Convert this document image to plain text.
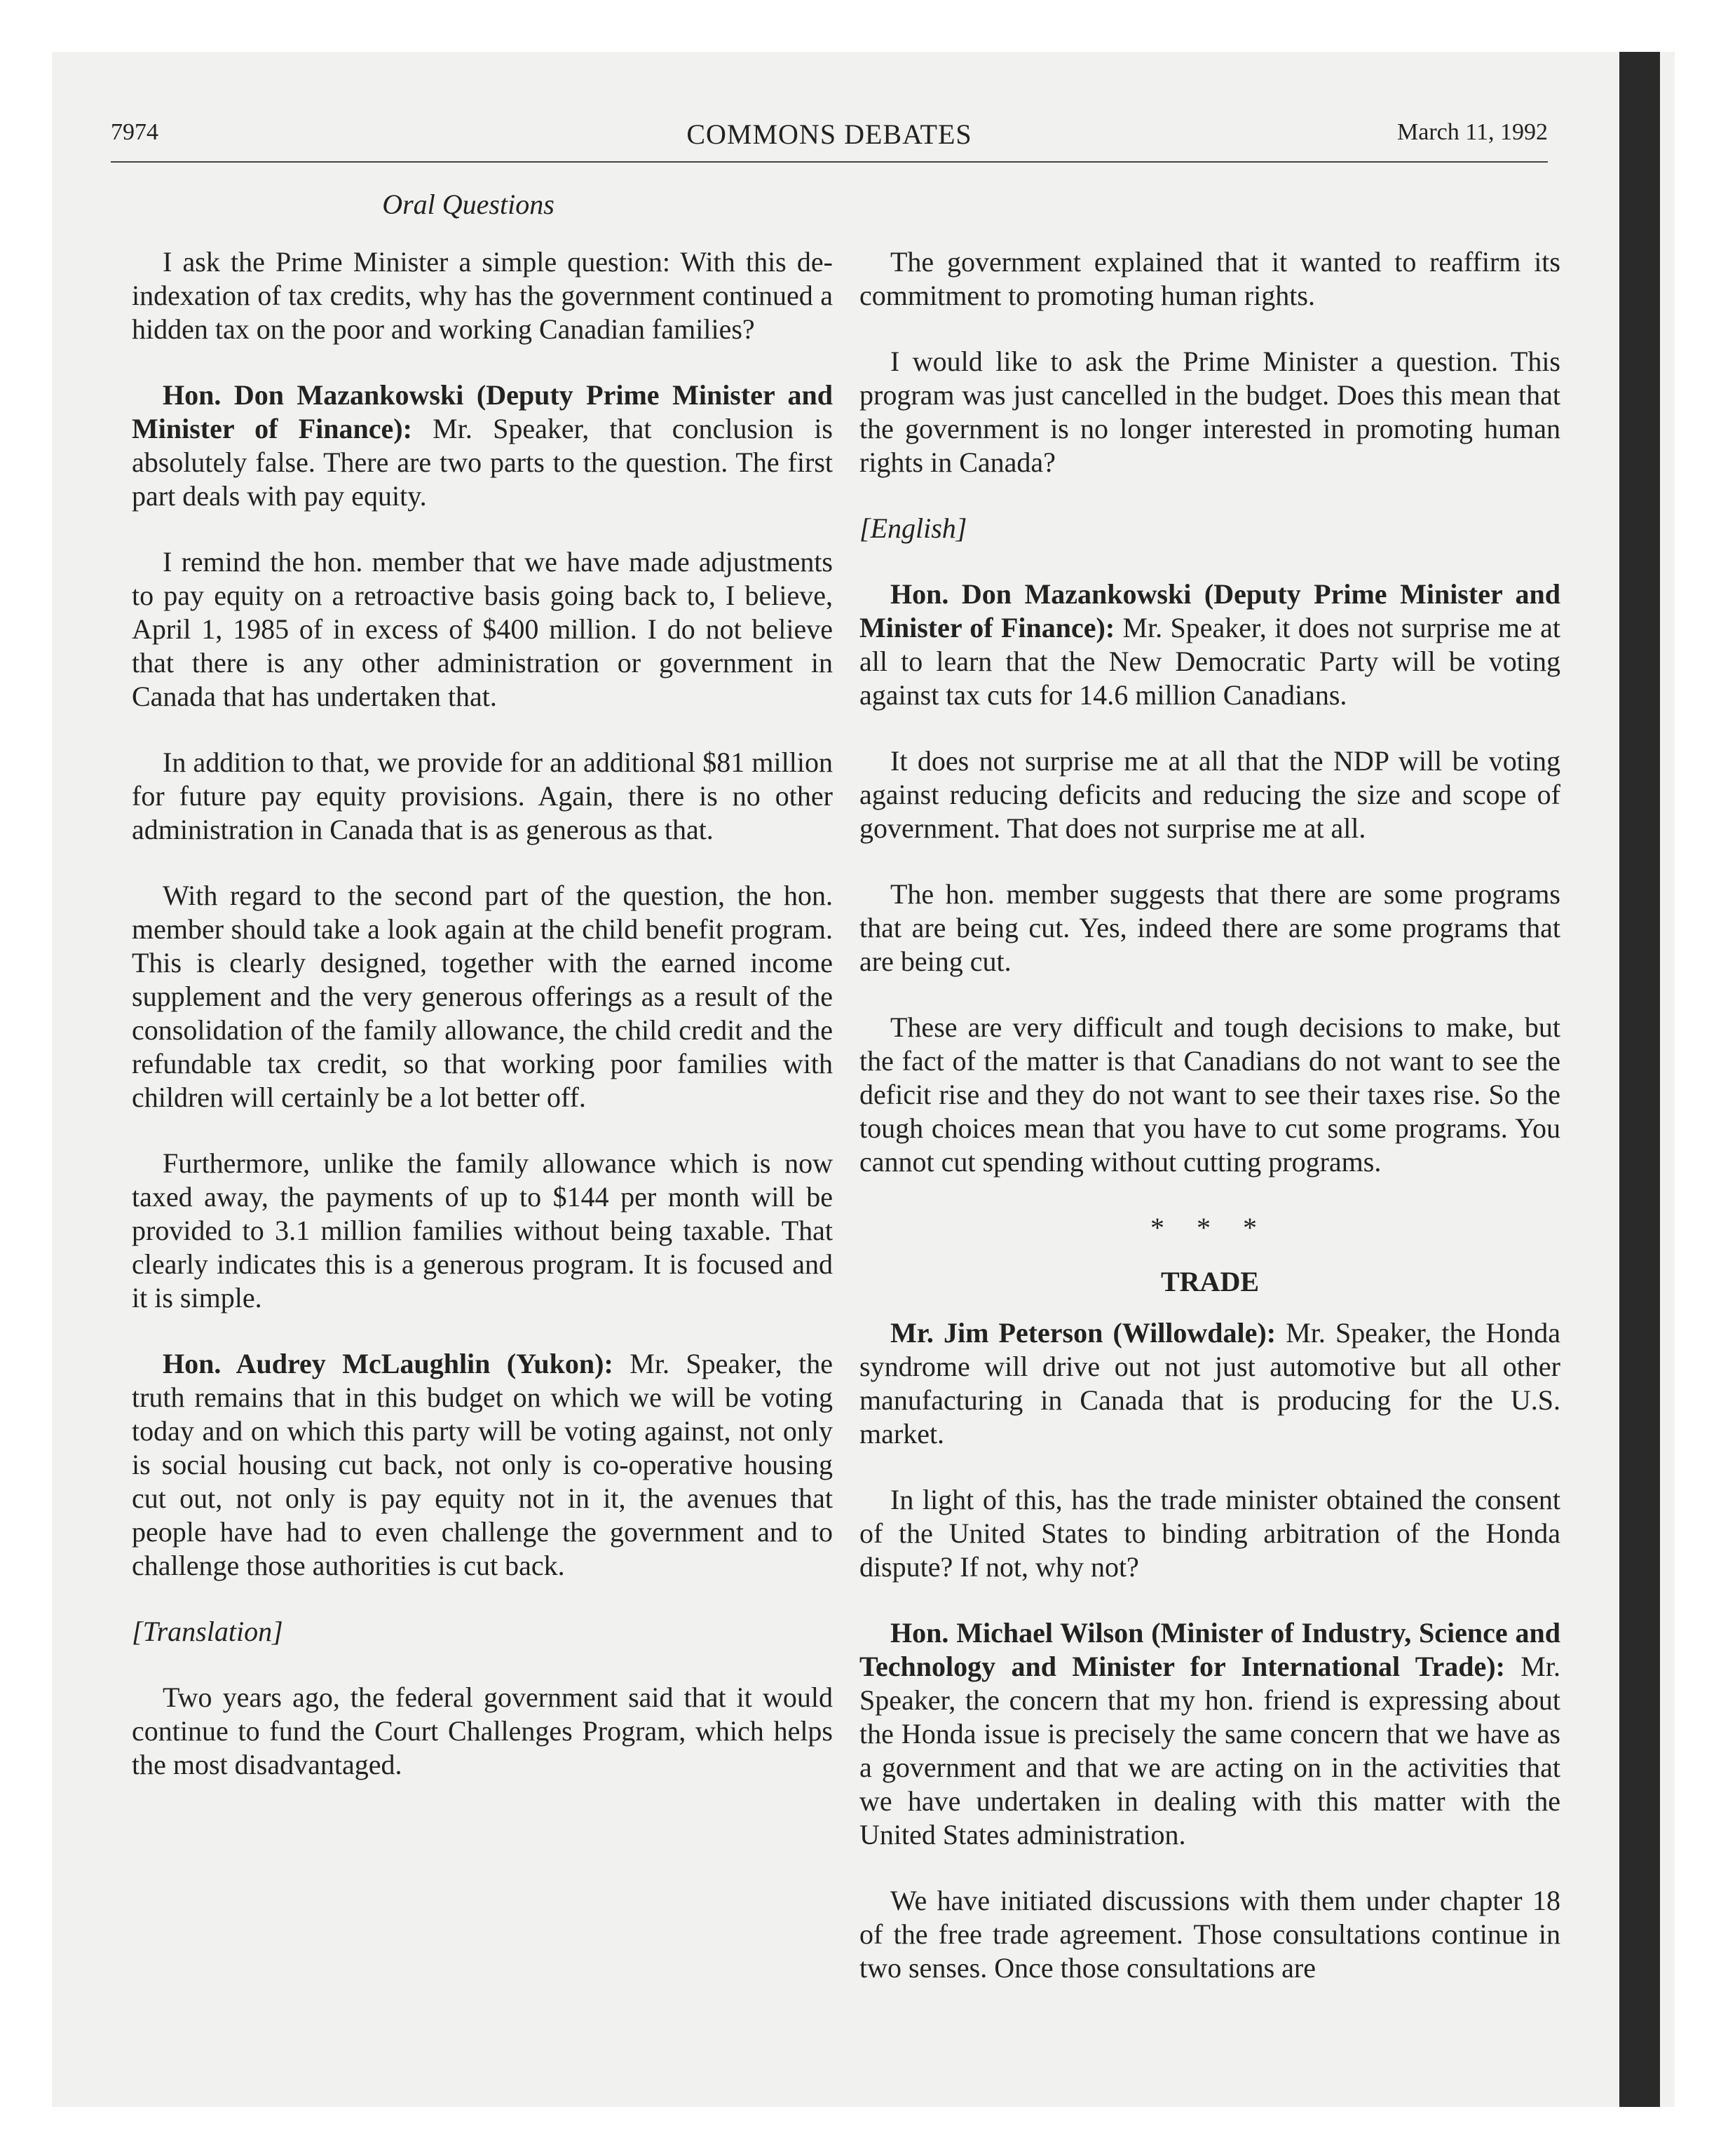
7974	COMMONS DEBATES	March 11, 1992
Oral Questions

I ask the Prime Minister a simple question: With this de-indexation of tax credits, why has the government continued a hidden tax on the poor and working Canadian families?

Hon. Don Mazankowski (Deputy Prime Minister and Minister of Finance): Mr. Speaker, that conclusion is absolutely false. There are two parts to the question. The first part deals with pay equity.

I remind the hon. member that we have made adjustments to pay equity on a retroactive basis going back to, I believe, April 1, 1985 of in excess of $400 million. I do not believe that there is any other administration or government in Canada that has undertaken that.

In addition to that, we provide for an additional $81 million for future pay equity provisions. Again, there is no other administration in Canada that is as generous as that.

With regard to the second part of the question, the hon. member should take a look again at the child benefit program. This is clearly designed, together with the earned income supplement and the very generous offerings as a result of the consolidation of the family allowance, the child credit and the refundable tax credit, so that working poor families with children will certainly be a lot better off.

Furthermore, unlike the family allowance which is now taxed away, the payments of up to $144 per month will be provided to 3.1 million families without being taxable. That clearly indicates this is a generous program. It is focused and it is simple.

Hon. Audrey McLaughlin (Yukon): Mr. Speaker, the truth remains that in this budget on which we will be voting today and on which this party will be voting against, not only is social housing cut back, not only is co-operative housing cut out, not only is pay equity not in it, the avenues that people have had to even challenge the government and to challenge those authorities is cut back.

[Translation]

Two years ago, the federal government said that it would continue to fund the Court Challenges Program, which helps the most disadvantaged.

The government explained that it wanted to reaffirm its commitment to promoting human rights.

I would like to ask the Prime Minister a question. This program was just cancelled in the budget. Does this mean that the government is no longer interested in promoting human rights in Canada?

[English]

Hon. Don Mazankowski (Deputy Prime Minister and Minister of Finance): Mr. Speaker, it does not surprise me at all to learn that the New Democratic Party will be voting against tax cuts for 14.6 million Canadians.

It does not surprise me at all that the NDP will be voting against reducing deficits and reducing the size and scope of government. That does not surprise me at all.

The hon. member suggests that there are some programs that are being cut. Yes, indeed there are some programs that are being cut.

These are very difficult and tough decisions to make, but the fact of the matter is that Canadians do not want to see the deficit rise and they do not want to see their taxes rise. So the tough choices mean that you have to cut some programs. You cannot cut spending without cutting programs.

* * *
TRADE

Mr. Jim Peterson (Willowdale): Mr. Speaker, the Honda syndrome will drive out not just automotive but all other manufacturing in Canada that is producing for the U.S. market.

In light of this, has the trade minister obtained the consent of the United States to binding arbitration of the Honda dispute? If not, why not?

Hon. Michael Wilson (Minister of Industry, Science and Technology and Minister for International Trade): Mr. Speaker, the concern that my hon. friend is expressing about the Honda issue is precisely the same concern that we have as a government and that we are acting on in the activities that we have undertaken in dealing with this matter with the United States administration.

We have initiated discussions with them under chapter 18 of the free trade agreement. Those consultations continue in two senses. Once those consultations are
